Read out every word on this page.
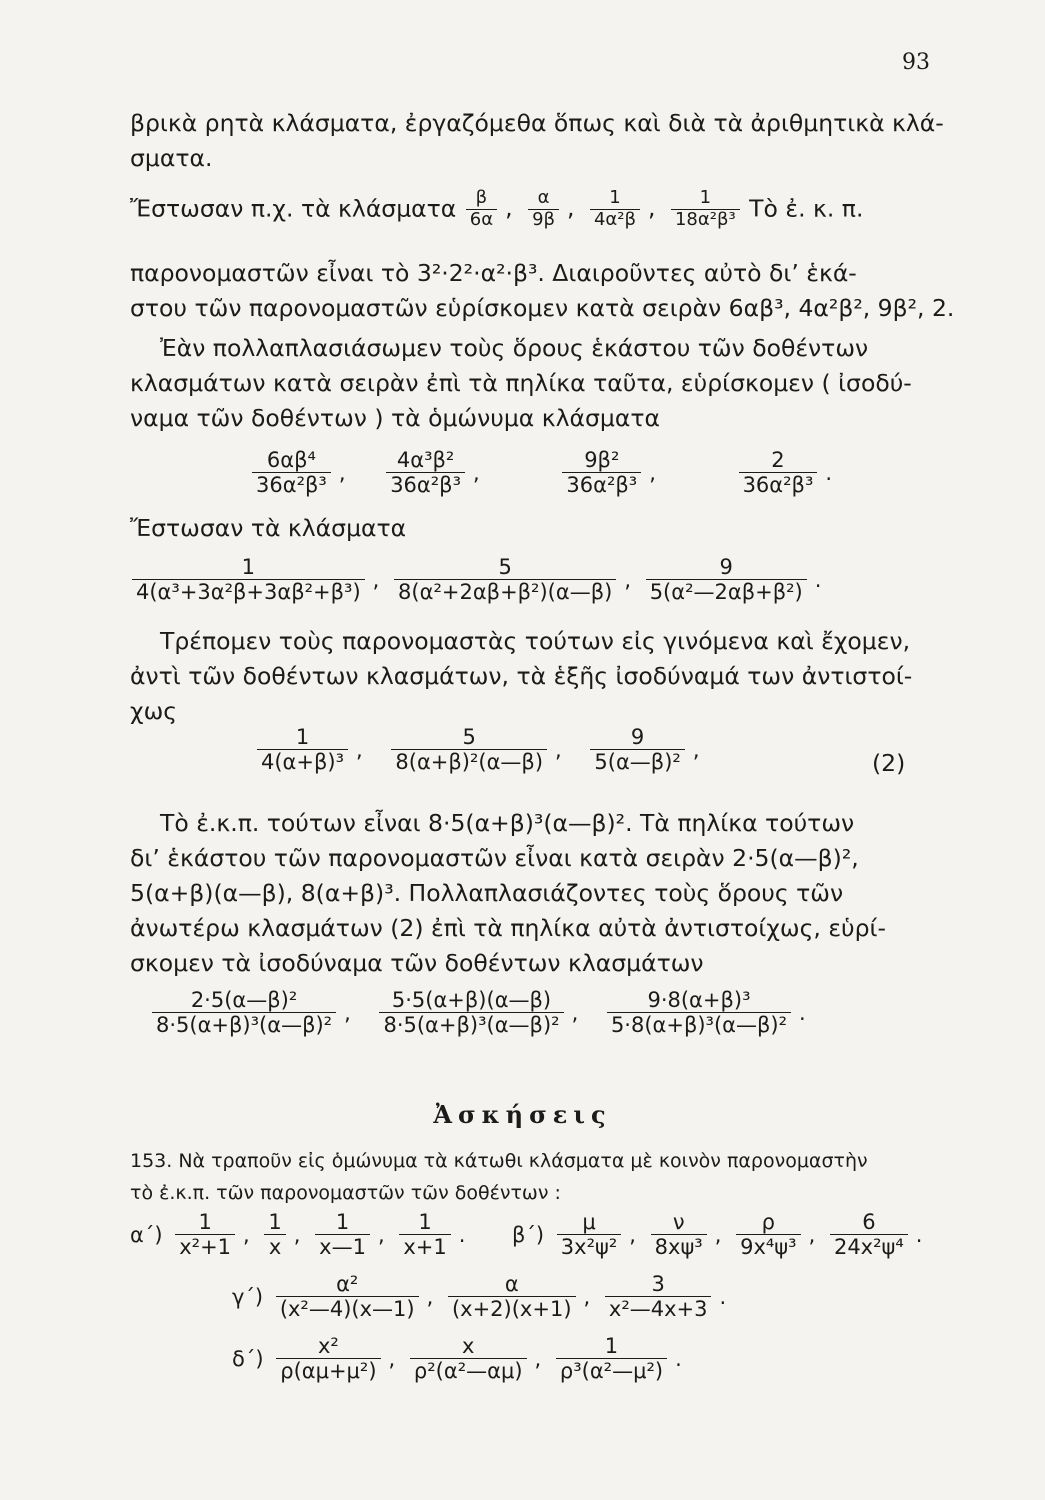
93
βρικὰ ρητὰ κλάσματα, ἐργαζόμεθα ὅπως καὶ διὰ τὰ ἀριθμητικὰ κλά-
σματα.
Ἔστωσαν π.χ. τὰ κλάσματα $\frac{\beta}{6\alpha}$ , $\frac{\alpha}{9\beta}$ , $\frac{1}{\text{4α²β}}$ , $\frac{1}{\text{18α²β³}}$ Τὸ ἐ. κ. π.
παρονομαστῶν εἶναι τὸ 3²·2²·α²·β³. Διαιροῦντες αὐτὸ δι’ ἑκά-
στου τῶν παρονομαστῶν εὑρίσκομεν κατὰ σειρὰν 6αβ³, 4α²β², 9β², 2.
Ἐὰν πολλαπλασιάσωμεν τοὺς ὅρους ἑκάστου τῶν δοθέντων
κλασμάτων κατὰ σειρὰν ἐπὶ τὰ πηλίκα ταῦτα, εὑρίσκομεν ( ἰσοδύ-
ναμα τῶν δοθέντων ) τὰ ὁμώνυμα κλάσματα
$\frac{\text{6αβ⁴}}{\text{36α²β³}}$ , $\frac{\text{4α³β²}}{\text{36α²β³}}$ ,	$\frac{\text{9β²}}{\text{36α²β³}}$ ,	$\frac{2}{\text{36α²β³}}$ .
Ἔστωσαν τὰ κλάσματα
$\frac{1}{\text{4(α³+3α²β+3αβ²+β³)}}$ , $\frac{5}{\text{8(α²+2αβ+β²)(α—β)}}$ , $\frac{9}{\text{5(α²—2αβ+β²)}}$ .
Τρέπομεν τοὺς παρονομαστὰς τούτων εἰς γινόμενα καὶ ἔχομεν,
ἀντὶ τῶν δοθέντων κλασμάτων, τὰ ἑξῆς ἰσοδύναμά των ἀντιστοί-
χως
$\frac{1}{\text{4(α+β)³}}$ , $\frac{5}{\text{8(α+β)²(α—β)}}$ , $\frac{9}{\text{5(α—β)²}}$ ,	(2)
Τὸ ἐ.κ.π. τούτων εἶναι 8·5(α+β)³(α—β)². Τὰ πηλίκα τούτων
δι’ ἑκάστου τῶν παρονομαστῶν εἶναι κατὰ σειρὰν 2·5(α—β)²,
5(α+β)(α—β), 8(α+β)³. Πολλαπλασιάζοντες τοὺς ὅρους τῶν
ἀνωτέρω κλασμάτων (2) ἐπὶ τὰ πηλίκα αὐτὰ ἀντιστοίχως, εὑρί-
σκομεν τὰ ἰσοδύναμα τῶν δοθέντων κλασμάτων
$\frac{\text{2·5(α—β)²}}{\text{8·5(α+β)³(α—β)²}}$ , $\frac{5\cdot 5(\alpha+\beta)(\alpha—\beta)}{\text{8·5(α+β)³(α—β)²}}$ , $\frac{\text{9·8(α+β)³}}{\text{5·8(α+β)³(α—β)²}}$ .
Ἀσκήσεις
153. Νὰ τραποῦν εἰς ὁμώνυμα τὰ κάτωθι κλάσματα μὲ κοινὸν παρονομαστὴν
τὸ ἐ.κ.π. τῶν παρονομαστῶν τῶν δοθέντων :
$\alpha΄) \frac{1}{\text{x²+1}}$ , $\frac{1}{x}$ , $\frac{1}{x—1}$ , $\frac{1}{x+1}$ . $\beta΄) \frac{\mu}{\text{3x²ψ²}}$ , $\frac{\nu}{\text{8xψ³}}$ , $\frac{\rho}{\text{9x⁴ψ³}}$ , $\frac{6}{\text{24x²ψ⁴}}$ .
$\gamma΄) \frac{\text{α²}}{\text{(x²—4)(x—1)}}$ , $\frac{\alpha}{(x+2)(x+1)}$ , $\frac{3}{\text{x²—4x+3}}$ .
$\delta΄) \frac{\text{x²}}{\text{ρ(αμ+μ²)}}$ , $\frac{x}{\text{ρ²(α²—αμ)}}$ , $\frac{1}{\text{ρ³(α²—μ²)}}$ .
